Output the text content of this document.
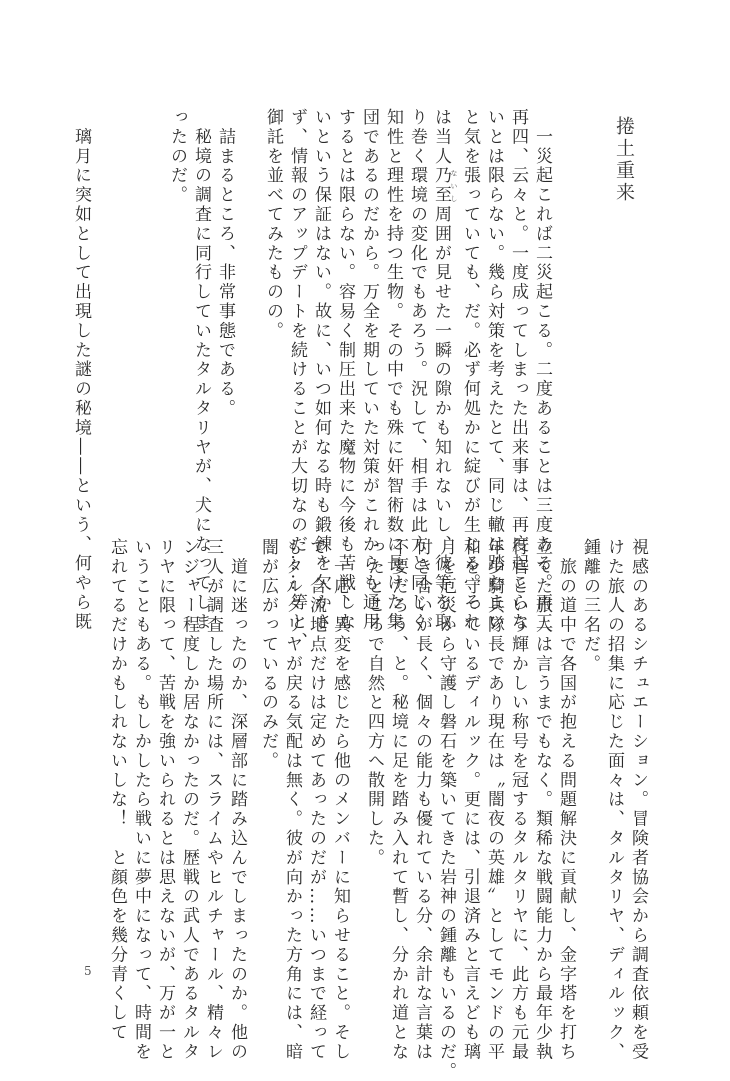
捲土重来
　一災起これば二災起こる。二度あることは三度ある。再三
再四、云々と。一度成ってしまった出来事は、再度起こらな
いとは限らない。幾ら対策を考えたとて、同じ轍は踏むまい
と気を張っていても、だ。必ず何処かに綻びが生じる。それ
は当人乃至 ないし周囲が見せた一瞬の隙かも知れないし、彼等を取
り巻く環境の変化でもあろう。況して、相手は此方と同じく
知性と理性を持つ生物。その中でも殊に奸智術数に長けた集
団であるのだから。万全を期していた対策がこれからも通用
するとは限らない。容易く制圧出来た魔物に今後も苦戦しな
いという保証はない。故に、いつ如何なる時も鍛錬を欠かさ
ず、情報のアップデートを続けることが大切なのだ……等と、
御託を並べてみたものの。
　詰まるところ、非常事態である。
　秘境の調査に同行していたタルタリヤが、犬になってしま
ったのだ。
　璃月に突如として出現した謎の秘境――という、何やら既
視感のあるシチュエーション。冒険者協会から調査依頼を受
けた旅人の招集に応じた面々は、タルタリヤ、ディルック、
鍾離の三名だ。
　旅の道中で各国が抱える問題解決に貢献し、金字塔を打ち
立てた旅人は言うまでもなく。類稀な戦闘能力から最年少執
行官という輝かしい称号を冠するタルタリヤに、此方も元最
年少騎兵隊長であり現在は〝闇夜の英雄〟としてモンドの平
和を守っているディルック。更には、引退済みと言えども璃
月を厄災から守護し磐石を築いてきた岩神の鍾離もいるのだ。
付き合いが長く、個々の能力も優れている分、余計な言葉は
不要だろう、と。秘境に足を踏み入れて暫し、分かれ道とな
ったところで自然と四方へ散開した。
　一応、異変を感じたら他のメンバーに知らせること。そし
て、合流地点だけは定めてあったのだが……いつまで経って
もタルタリヤが戻る気配は無く。彼が向かった方角には、暗
闇が広がっているのみだ。
　道に迷ったのか、深層部に踏み込んでしまったのか。他の
三人が調査した場所には、スライムやヒルチャール、精々レ
ンジャー程度しか居なかったのだ。歴戦の武人であるタルタ
リヤに限って、苦戦を強いられるとは思えないが、万が一と
いうこともある。もしかしたら戦いに夢中になって、時間を
忘れてるだけかもしれないしな！　と顔色を幾分青くして
5
